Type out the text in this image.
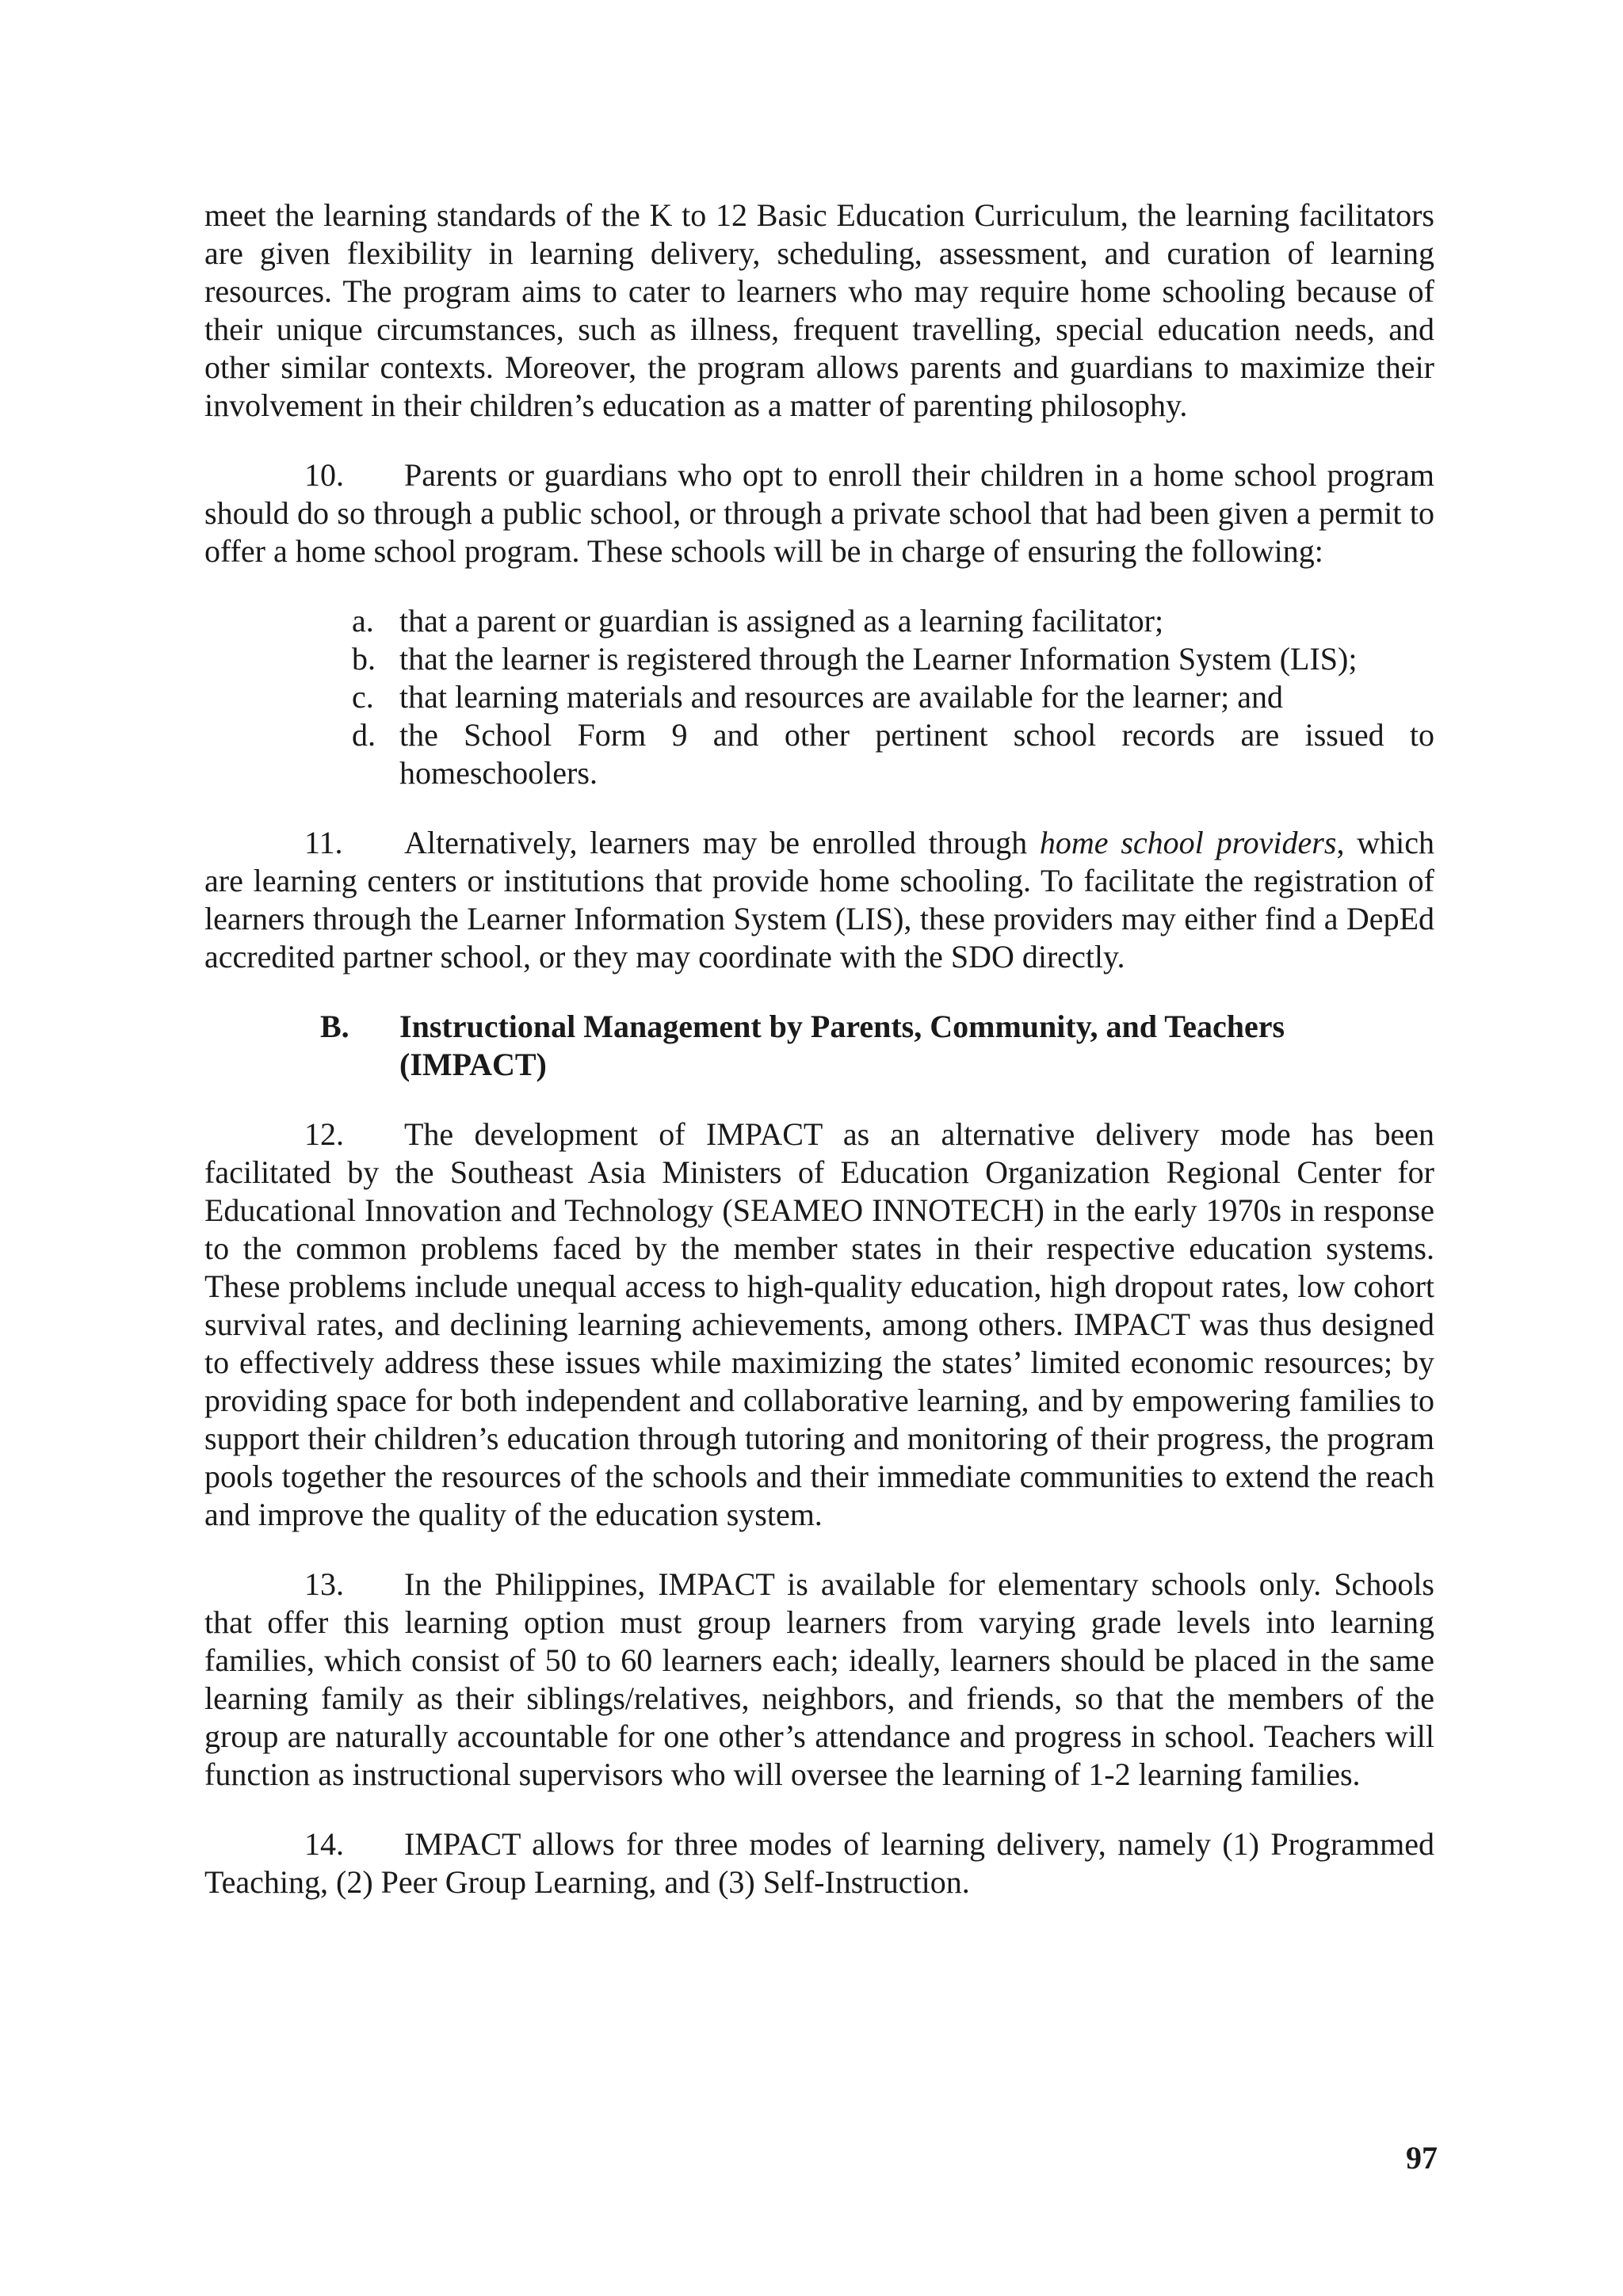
meet the learning standards of the K to 12 Basic Education Curriculum, the learning facilitators are given flexibility in learning delivery, scheduling, assessment, and curation of learning resources. The program aims to cater to learners who may require home schooling because of their unique circumstances, such as illness, frequent travelling, special education needs, and other similar contexts. Moreover, the program allows parents and guardians to maximize their involvement in their children’s education as a matter of parenting philosophy.

10. Parents or guardians who opt to enroll their children in a home school program should do so through a public school, or through a private school that had been given a permit to offer a home school program. These schools will be in charge of ensuring the following:

a. that a parent or guardian is assigned as a learning facilitator;
b. that the learner is registered through the Learner Information System (LIS);
c. that learning materials and resources are available for the learner; and
d. the School Form 9 and other pertinent school records are issued to homeschoolers.

11. Alternatively, learners may be enrolled through home school providers, which are learning centers or institutions that provide home schooling. To facilitate the registration of learners through the Learner Information System (LIS), these providers may either find a DepEd accredited partner school, or they may coordinate with the SDO directly.

B. Instructional Management by Parents, Community, and Teachers (IMPACT)

12. The development of IMPACT as an alternative delivery mode has been facilitated by the Southeast Asia Ministers of Education Organization Regional Center for Educational Innovation and Technology (SEAMEO INNOTECH) in the early 1970s in response to the common problems faced by the member states in their respective education systems. These problems include unequal access to high-quality education, high dropout rates, low cohort survival rates, and declining learning achievements, among others. IMPACT was thus designed to effectively address these issues while maximizing the states’ limited economic resources; by providing space for both independent and collaborative learning, and by empowering families to support their children’s education through tutoring and monitoring of their progress, the program pools together the resources of the schools and their immediate communities to extend the reach and improve the quality of the education system.

13. In the Philippines, IMPACT is available for elementary schools only. Schools that offer this learning option must group learners from varying grade levels into learning families, which consist of 50 to 60 learners each; ideally, learners should be placed in the same learning family as their siblings/relatives, neighbors, and friends, so that the members of the group are naturally accountable for one other’s attendance and progress in school. Teachers will function as instructional supervisors who will oversee the learning of 1-2 learning families.

14. IMPACT allows for three modes of learning delivery, namely (1) Programmed Teaching, (2) Peer Group Learning, and (3) Self-Instruction.

97
